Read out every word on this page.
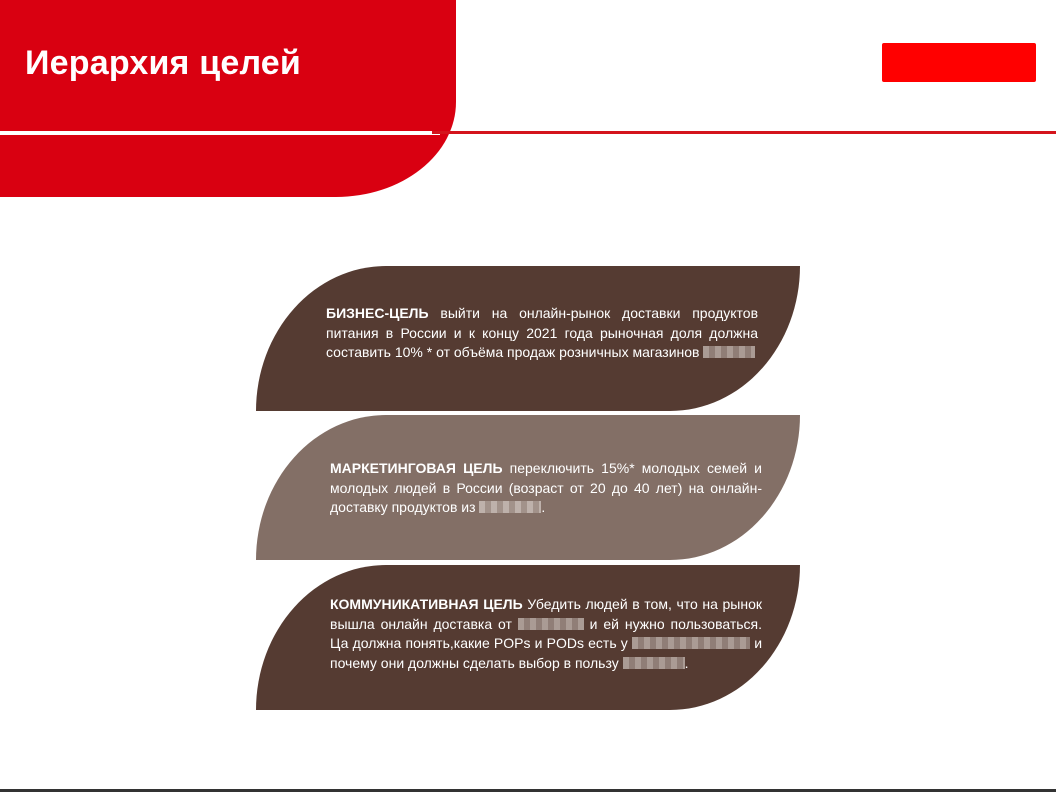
Иерархия целей

БИЗНЕС-ЦЕЛЬ выйти на онлайн-рынок доставки продуктов питания в России и к концу 2021 года рыночная доля должна составить 10% * от объёма продаж розничных магазинов

МАРКЕТИНГОВАЯ ЦЕЛЬ переключить 15%* молодых семей и молодых людей в России (возраст от 20 до 40 лет) на онлайн-доставку продуктов из	.

КОММУНИКАТИВНАЯ ЦЕЛЬ Убедить людей в том, что на рынок вышла онлайн доставка от	и ей нужно пользоваться. Ца должна понять,какие POPs и PODs есть у	и почему они должны сделать выбор в пользу	.
